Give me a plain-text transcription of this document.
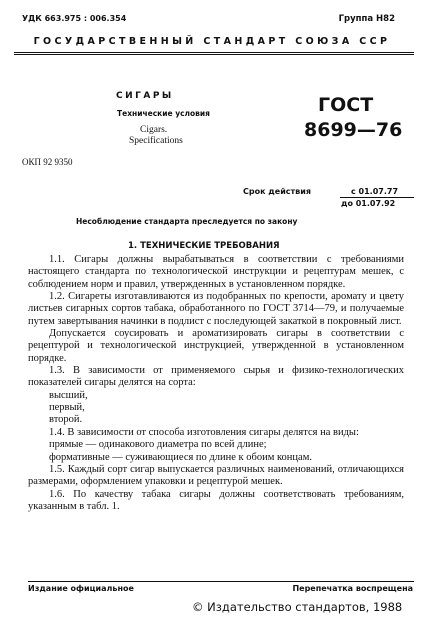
УДК 663.975 : 006.354	Группа Н82
ГОСУДАРСТВЕННЫЙ СТАНДАРТ СОЮЗА ССР
СИГАРЫ
Технические условия
Cigars.
Specifications
ГОСТ
8699—76
ОКП 92 9350
Срок действия	с 01.07.77
до 01.07.92
Несоблюдение стандарта преследуется по закону
1. ТЕХНИЧЕСКИЕ ТРЕБОВАНИЯ

1.1. Сигары должны вырабатываться в соответствии с требованиями настоящего стандарта по технологической инструкции и рецептурам мешек, с соблюдением норм и правил, утвержденных в установленном порядке.

1.2. Сигареты изготавливаются из подобранных по крепости, аромату и цвету листьев сигарных сортов табака, обработанного по ГОСТ 3714—79, и получаемые путем завертывания начинки в подлист с последующей закаткой в покровный лист.

Допускается соусировать и ароматизировать сигары в соответствии с рецептурой и технологической инструкцией, утвержденной в установленном порядке.

1.3. В зависимости от применяемого сырья и физико-технологических показателей сигары делятся на сорта:

высший,

первый,

второй.

1.4. В зависимости от способа изготовления сигары делятся на виды:

прямые — одинакового диаметра по всей длине;

формативные — суживающиеся по длине к обоим концам.

1.5. Каждый сорт сигар выпускается различных наименований, отличающихся размерами, оформлением упаковки и рецептурой мешек.

1.6. По качеству табака сигары должны соответствовать требованиям, указанным в табл. 1.

Издание официальное	Перепечатка воспрещена
© Издательство стандартов, 1988
